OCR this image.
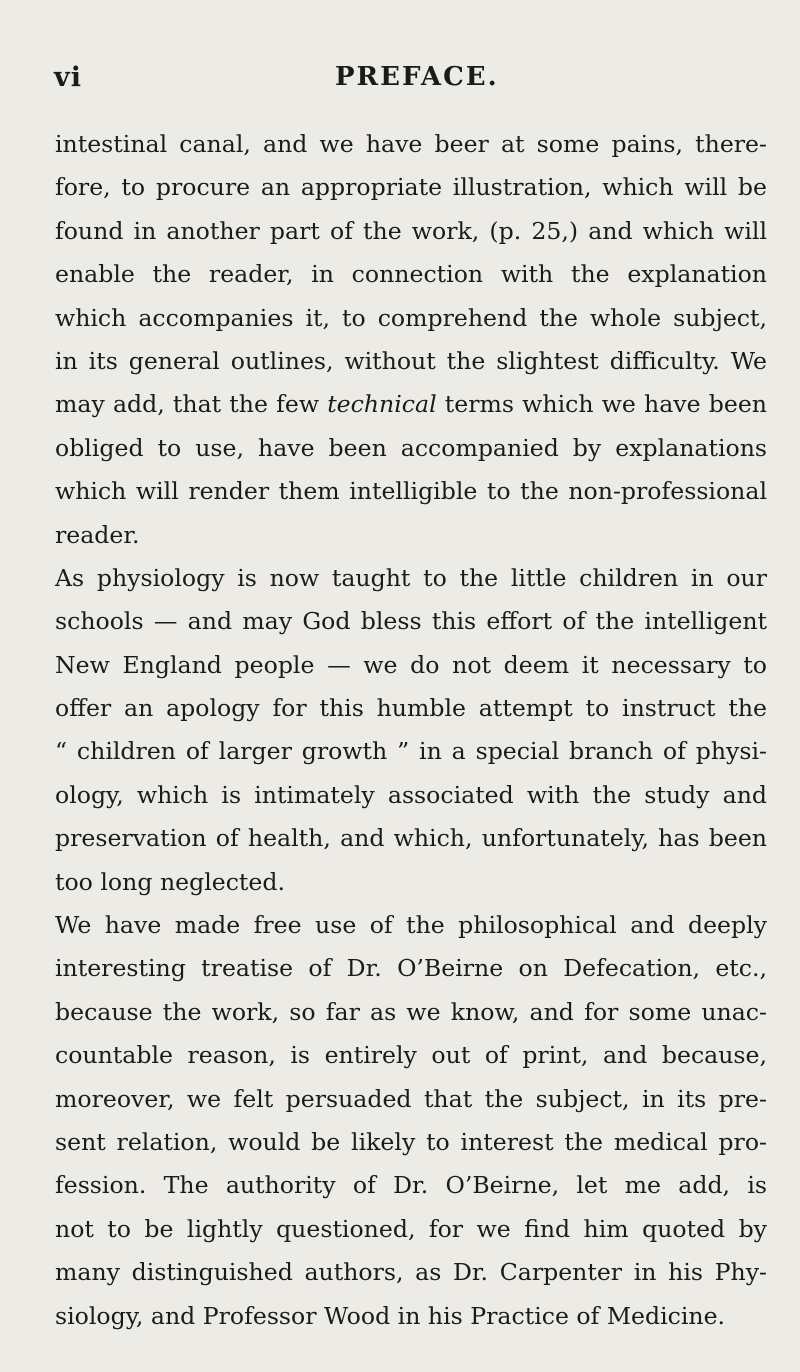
vi	PREFACE.
intestinal canal, and we have beer at some pains, there-
fore, to procure an appropriate illustration, which will be
found in another part of the work, (p. 25,) and which will
enable the reader, in connection with the explanation
which accompanies it, to comprehend the whole subject,
in its general outlines, without the slightest difficulty. We
may add, that the few technical terms which we have been
obliged to use, have been accompanied by explanations
which will render them intelligible to the non-professional
reader.
As physiology is now taught to the little children in our
schools — and may God bless this effort of the intelligent
New England people — we do not deem it necessary to
offer an apology for this humble attempt to instruct the
“ children of larger growth ” in a special branch of physi-
ology, which is intimately associated with the study and
preservation of health, and which, unfortunately, has been
too long neglected.
We have made free use of the philosophical and deeply
interesting treatise of Dr. O’Beirne on Defecation, etc.,
because the work, so far as we know, and for some unac-
countable reason, is entirely out of print, and because,
moreover, we felt persuaded that the subject, in its pre-
sent relation, would be likely to interest the medical pro-
fession. The authority of Dr. O’Beirne, let me add, is
not to be lightly questioned, for we find him quoted by
many distinguished authors, as Dr. Carpenter in his Phy-
siology, and Professor Wood in his Practice of Medicine.
